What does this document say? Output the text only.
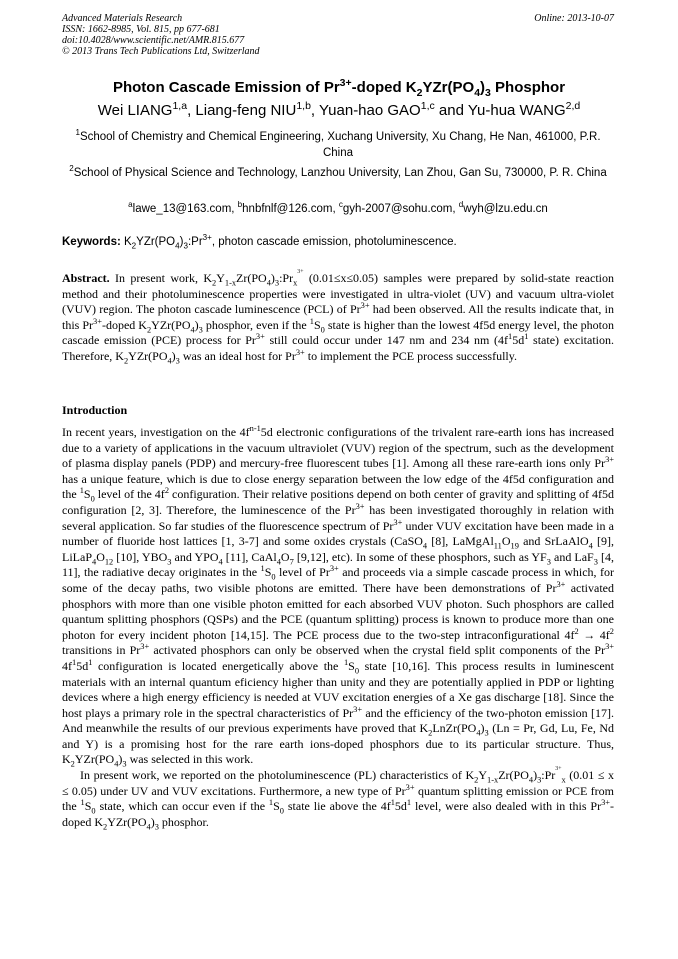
Advanced Materials Research
ISSN: 1662-8985, Vol. 815, pp 677-681
doi:10.4028/www.scientific.net/AMR.815.677
© 2013 Trans Tech Publications Ltd, Switzerland
Online: 2013-10-07
Photon Cascade Emission of $Pr^{3+}$-doped $K_2YZr(PO_4)_3$ Phosphor
Wei LIANG$^{1,a}$, Liang-feng NIU$^{1,b}$, Yuan-hao GAO$^{1,c}$ and Yu-hua WANG$^{2,d}$
$^1$School of Chemistry and Chemical Engineering, Xuchang University, Xu Chang, He Nan, 461000, P.R. China
$^2$School of Physical Science and Technology, Lanzhou University, Lan Zhou, Gan Su, 730000, P. R. China
$^a$lawe_13@163.com, $^b$hnbfnlf@126.com, $^c$gyh-2007@sohu.com, $^d$wyh@lzu.edu.cn
Keywords: $K_2YZr(PO_4)_3:Pr^{3+}$, photon cascade emission, photoluminescence.
Abstract. In present work, $K_2Y_{1-x}Zr(PO_4)_3:Pr_x^{^{3+}}$ (0.01≤x≤0.05) samples were prepared by solid-state reaction method and their photoluminescence properties were investigated in ultra-violet (UV) and vacuum ultra-violet (VUV) region. The photon cascade luminescence (PCL) of $Pr^{3+}$ had been observed. All the results indicate that, in this $Pr^{3+}$-doped $K_2YZr(PO_4)_3$ phosphor, even if the $^1S_0$ state is higher than the lowest 4f5d energy level, the photon cascade emission (PCE) process for $Pr^{3+}$ still could occur under 147 nm and 234 nm ($4f^15d^1$ state) excitation. Therefore, $K_2YZr(PO_4)_3$ was an ideal host for $Pr^{3+}$ to implement the PCE process successfully.
Introduction

In recent years, investigation on the $4f^{n-1}5d$ electronic configurations of the trivalent rare-earth ions has increased due to a variety of applications in the vacuum ultraviolet (VUV) region of the spectrum, such as the development of plasma display panels (PDP) and mercury-free fluorescent tubes [1]. Among all these rare-earth ions only $Pr^{3+}$ has a unique feature, which is due to close energy separation between the low edge of the 4f5d configuration and the $^1S_0$ level of the $4f^2$ configuration. Their relative positions depend on both center of gravity and splitting of 4f5d configuration [2, 3]. Therefore, the luminescence of the $Pr^{3+}$ has been investigated thoroughly in relation with several application. So far studies of the fluorescence spectrum of $Pr^{3+}$ under VUV excitation have been made in a number of fluoride host lattices [1, 3-7] and some oxides crystals (CaSO$_4$ [8], $LaMgAl_{11}O_{19}$ and SrLaAlO$_4$ [9], $LiLaP_4O_{12}$ [10], $YBO_3$ and $YPO_4$ [11], $CaAl_4O_7$ [9,12], etc). In some of these phosphors, such as $YF_3$ and LaF$_3$ [4, 11], the radiative decay originates in the $^1S_0$ level of $Pr^{3+}$ and proceeds via a simple cascade process in which, for some of the decay paths, two visible photons are emitted. There have been demonstrations of $Pr^{3+}$ activated phosphors with more than one visible photon emitted for each absorbed VUV photon. Such phosphors are called quantum splitting phosphors (QSPs) and the PCE (quantum splitting) process is known to produce more than one photon for every incident photon [14,15]. The PCE process due to the two-step intraconfigurational $4f^2 \to 4f^2$ transitions in $Pr^{3+}$ activated phosphors can only be observed when the crystal field split components of the $Pr^{3+}$ $4f^15d^1$ configuration is located energetically above the $^1S_0$ state [10,16]. This process results in luminescent materials with an internal quantum eficiency higher than unity and they are potentially applied in PDP or lighting devices where a high energy efficiency is needed at VUV excitation energies of a Xe gas discharge [18]. Since the host plays a primary role in the spectral characteristics of $Pr^{3+}$ and the efficiency of the two-photon emission [17]. And meanwhile the results of our previous experiments have proved that $K_2LnZr(PO_4)_3$ (Ln = Pr, Gd, Lu, Fe, Nd and Y) is a promising host for the rare earth ions-doped phosphors due to its particular structure. Thus, $K_2YZr(PO_4)_3$ was selected in this work.

In present work, we reported on the photoluminescence (PL) characteristics of $K_2Y_{1-x}Zr(PO_4)_3:Pr^{^{3+}}_x$ (0.01 ≤ x ≤ 0.05) under UV and VUV excitations. Furthermore, a new type of $Pr^{3+}$ quantum splitting emission or PCE from the $^1S_0$ state, which can occur even if the $^1S_0$ state lie above the $4f^15d^1$ level, were also dealed with in this $Pr^{3+}$-doped $K_2YZr(PO_4)_3$ phosphor.
